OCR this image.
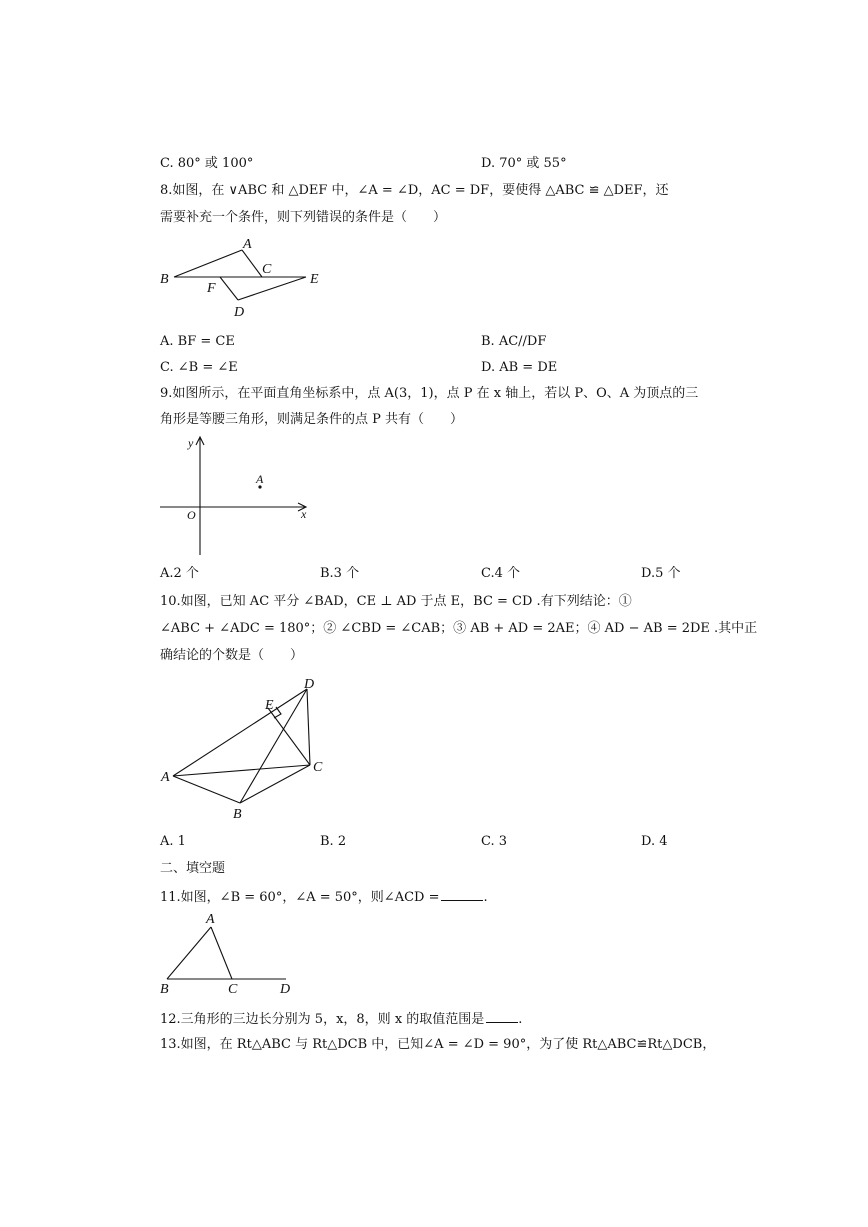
C. 80° 或 100°	D. 70° 或 55°
8.如图，在 ∨ABC 和 △DEF 中，∠A = ∠D，AC = DF，要使得 △ABC ≌ △DEF，还
需要补充一个条件，则下列错误的条件是（　　）
B
A
C
E
F
D
y
x
O
A
D
E
A
C
B
A
B	C	D
A. BF = CE	B. AC//DF
C. ∠B = ∠E	D. AB = DE
9.如图所示，在平面直角坐标系中，点 A(3，1)，点 P 在 x 轴上，若以 P、O、A 为顶点的三
角形是等腰三角形，则满足条件的点 P 共有（　　）
A.2 个	B.3 个	C.4 个	D.5 个
10.如图，已知 AC 平分 ∠BAD，CE ⊥ AD 于点 E，BC = CD .有下列结论：①
∠ABC + ∠ADC = 180°；② ∠CBD = ∠CAB；③ AB + AD = 2AE；④ AD − AB = 2DE .其中正
确结论的个数是（　　）
A. 1	B. 2	C. 3	D. 4
二、填空题
11.如图，∠B = 60°，∠A = 50°，则∠ACD =	.
12.三角形的三边长分别为 5，x，8，则 x 的取值范围是	.
13.如图，在 Rt△ABC 与 Rt△DCB 中，已知∠A = ∠D = 90°，为了使 Rt△ABC≌Rt△DCB，
